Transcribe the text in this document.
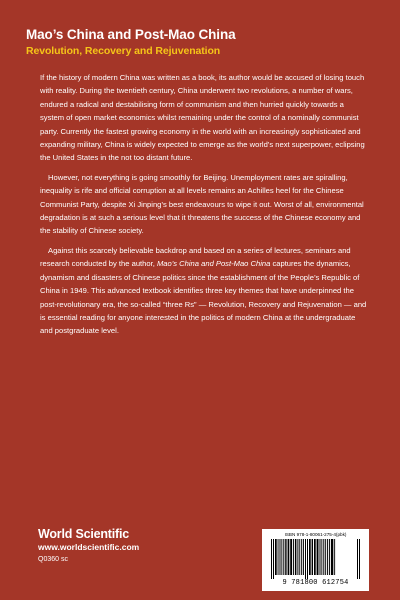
Mao’s China and Post-Mao China
Revolution, Recovery and Rejuvenation

If the history of modern China was written as a book, its author would be accused of losing touch with reality. During the twentieth century, China underwent two revolutions, a number of wars, endured a radical and destabilising form of communism and then hurried quickly towards a system of open market economics whilst remaining under the control of a nominally communist party. Currently the fastest growing economy in the world with an increasingly sophisticated and expanding military, China is widely expected to emerge as the world’s next superpower, eclipsing the United States in the not too distant future.

However, not everything is going smoothly for Beijing. Unemployment rates are spiralling, inequality is rife and official corruption at all levels remains an Achilles heel for the Chinese Communist Party, despite Xi Jinping’s best endeavours to wipe it out. Worst of all, environmental degradation is at such a serious level that it threatens the success of the Chinese economy and the stability of Chinese society.

Against this scarcely believable backdrop and based on a series of lectures, seminars and research conducted by the author, Mao’s China and Post-Mao China captures the dynamics, dynamism and disasters of Chinese politics since the establishment of the People’s Republic of China in 1949. This advanced textbook identifies three key themes that have underpinned the post-revolutionary era, the so-called “three Rs” — Revolution, Recovery and Rejuvenation — and is essential reading for anyone interested in the politics of modern China at the undergraduate and postgraduate level.

World Scientific
www.worldscientific.com
Q0360 sc
ISBN 978-1-80061-275-4(pbk)
9 781800 612754
